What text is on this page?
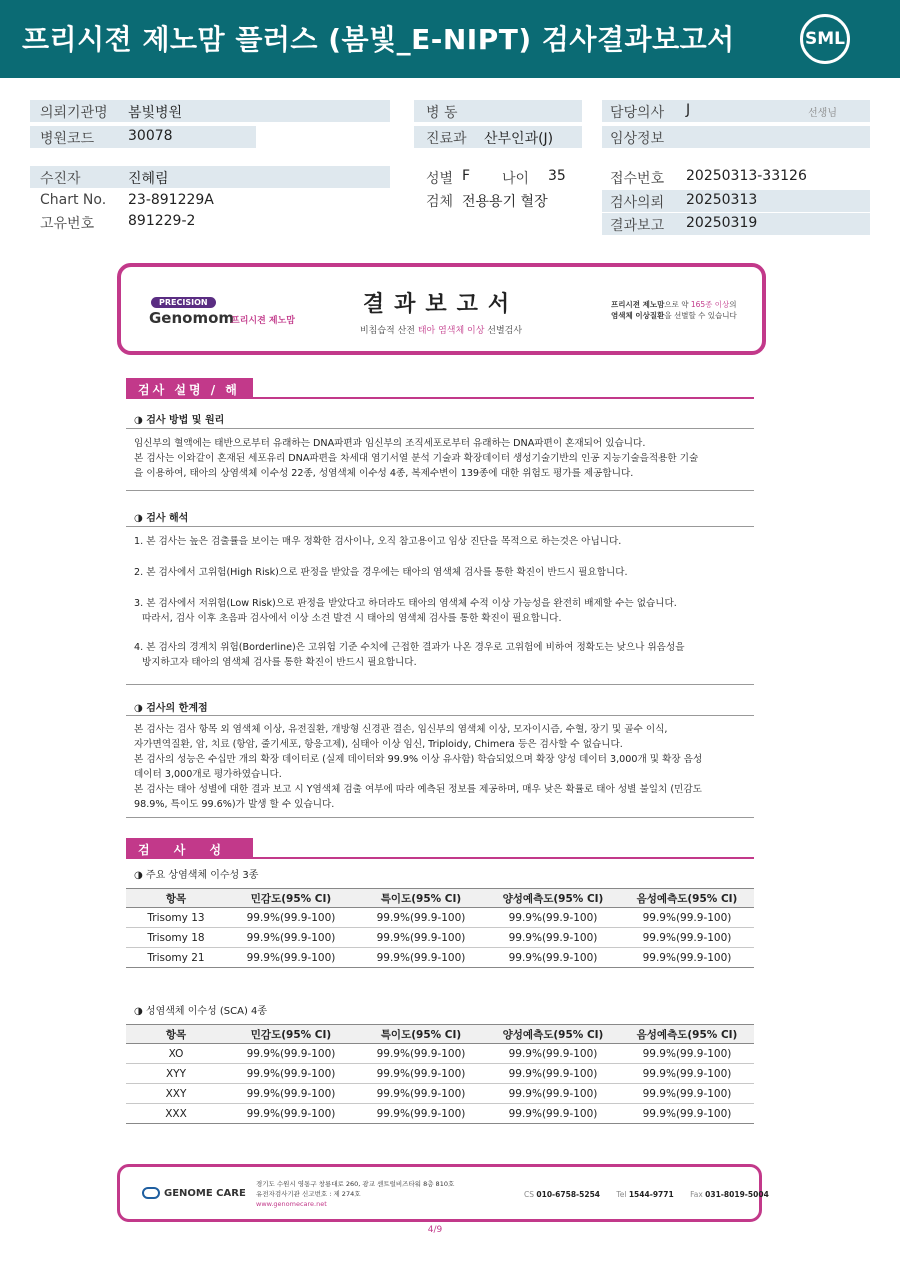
프리시젼 제노맘 플러스 (봄빛_E-NIPT) 검사결과보고서	SML
의뢰기관명 봄빛병원
병원코드 30078
병 동
진료과 산부인과(J)
담당의사 J	선생님
임상정보
수진자	진혜림
Chart No. 23-891229A
고유번호 891229-2
성별 F 나이 35
검체 전용용기 혈장
접수번호 20250313-33126
검사의뢰 20250313
결과보고 20250319
PRECISION
Genomom
프리시젼 제노맘
결과보고서
비침습적 산전 태아 염색체 이상 선별검사
프리시젼 제노맘으로 약 165종 이상의
염색체 이상질환을 선별할 수 있습니다
검사 설명 / 해석
◑ 검사 방법 및 원리

임신부의 혈액에는 태반으로부터 유래하는 DNA파편과 임신부의 조직세포로부터 유래하는 DNA파편이 혼재되어 있습니다.

본 검사는 이와같이 혼재된 세포유리 DNA파편을 차세대 염기서열 분석 기술과 확장데이터 생성기술기반의 인공 지능기술을적용한 기술

을 이용하여, 태아의 상염색체 이수성 22종, 성염색체 이수성 4종, 복제수변이 139종에 대한 위험도 평가를 제공합니다.

◑ 검사 해석
1. 본 검사는 높은 검출률을 보이는 매우 정확한 검사이나, 오직 참고용이고 임상 진단을 목적으로 하는것은 아닙니다.
2. 본 검사에서 고위험(High Risk)으로 판정을 받았을 경우에는 태아의 염색체 검사를 통한 확진이 반드시 필요합니다.

3. 본 검사에서 저위험(Low Risk)으로 판정을 받았다고 하더라도 태아의 염색체 수적 이상 가능성을 완전히 배제할 수는 없습니다.

따라서, 검사 이후 초음파 검사에서 이상 소견 발견 시 태아의 염색체 검사를 통한 확진이 필요합니다.

4. 본 검사의 경계치 위험(Borderline)은 고위험 기준 수치에 근접한 결과가 나온 경우로 고위험에 비하여 정확도는 낮으나 위음성을

방지하고자 태아의 염색체 검사를 통한 확진이 반드시 필요합니다.

◑ 검사의 한계점

본 검사는 검사 항목 외 염색체 이상, 유전질환, 개방형 신경관 결손, 임신부의 염색체 이상, 모자이시즘, 수혈, 장기 및 골수 이식,

자가면역질환, 암, 치료 (항암, 줄기세포, 항응고제), 심태아 이상 임신, Triploidy, Chimera 등은 검사할 수 없습니다.

본 검사의 성능은 수십만 개의 확장 데이터로 (실제 데이터와 99.9% 이상 유사함) 학습되었으며 확장 양성 데이터 3,000개 및 확장 음성

데이터 3,000개로 평가하였습니다.

본 검사는 태아 성별에 대한 결과 보고 시 Y염색체 검출 여부에 따라 예측된 정보를 제공하며, 매우 낮은 확률로 태아 성별 불일치 (민감도

98.9%, 특이도 99.6%)가 발생 할 수 있습니다.

검 사 성 능
◑ 주요 상염색체 이수성 3종
항목	민감도(95% CI)	특이도(95% CI)	양성예측도(95% CI)	음성예측도(95% CI)
Trisomy 13	99.9%(99.9-100)	99.9%(99.9-100)	99.9%(99.9-100)	99.9%(99.9-100)
Trisomy 18	99.9%(99.9-100)	99.9%(99.9-100)	99.9%(99.9-100)	99.9%(99.9-100)
Trisomy 21	99.9%(99.9-100)	99.9%(99.9-100)	99.9%(99.9-100)	99.9%(99.9-100)
◑ 성염색체 이수성 (SCA) 4종
항목	민감도(95% CI)	특이도(95% CI)	양성예측도(95% CI)	음성예측도(95% CI)
XO	99.9%(99.9-100)	99.9%(99.9-100)	99.9%(99.9-100)	99.9%(99.9-100)
XYY	99.9%(99.9-100)	99.9%(99.9-100)	99.9%(99.9-100)	99.9%(99.9-100)
XXY	99.9%(99.9-100)	99.9%(99.9-100)	99.9%(99.9-100)	99.9%(99.9-100)
XXX	99.9%(99.9-100)	99.9%(99.9-100)	99.9%(99.9-100)	99.9%(99.9-100)
GENOME CARE
경기도 수원시 영통구 창룡대로 260, 광교 센트럴비즈타워 8층 810호
유전자검사기관 신고번호 : 제 274호
www.genomecare.net
CS 010-6758-5254 Tel 1544-9771 Fax 031-8019-5004
4/9
